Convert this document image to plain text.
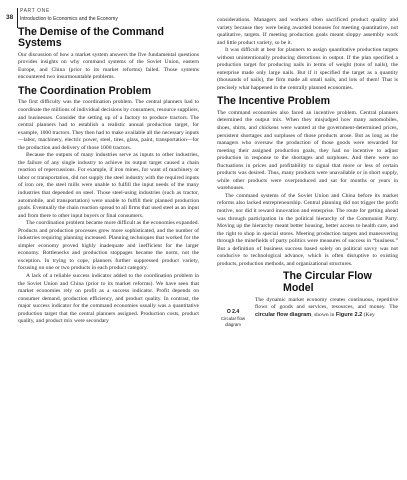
38
PART ONE
Introduction to Economics and the Economy
The Demise of the Command Systems

Our discussion of how a market system answers the five fundamental questions provides insights on why command systems of the Soviet Union, eastern Europe, and China (prior to its market reforms) failed. Those systems encountered two insurmountable problems.

The Coordination Problem

The first difficulty was the coordination problem. The central planners had to coordinate the millions of individual decisions by consumers, resource suppliers, and businesses. Consider the setting up of a factory to produce tractors. The central planners had to establish a realistic annual production target, for example, 1000 tractors. They then had to make available all the necessary inputs—labor, machinery, electric power, steel, tires, glass, paint, transportation—for the production and delivery of those 1000 tractors.

Because the outputs of many industries serve as inputs to other industries, the failure of any single industry to achieve its output target caused a chain reaction of repercussions. For example, if iron mines, for want of machinery or labor or transportation, did not supply the steel industry with the required inputs of iron ore, the steel mills were unable to fulfill the input needs of the many industries that depended on steel. Those steel-using industries (such as tractor, automobile, and transportation) were unable to fulfill their planned production goals. Eventually the chain reaction spread to all firms that used steel as an input and from there to other input buyers or final consumers.

The coordination problem became more difficult as the economies expanded. Products and production processes grew more sophisticated, and the number of industries requiring planning increased. Planning techniques that worked for the simpler economy proved highly inadequate and inefficient for the larger economy. Bottlenecks and production stoppages became the norm, not the exception. In trying to cope, planners further suppressed product variety, focusing on one or two products in each product category.

A lack of a reliable success indicator added to the coordination problem in the Soviet Union and China (prior to its market reforms). We have seen that market economies rely on profit as a success indicator. Profit depends on consumer demand, production efficiency, and product quality. In contrast, the major success indicator for the command economies usually was a quantitative production target that the central planners assigned. Production costs, product quality, and product mix were secondary

considerations. Managers and workers often sacrificed product quality and variety because they were being awarded bonuses for meeting quantitative, not qualitative, targets. If meeting production goals meant sloppy assembly work and little product variety, so be it.

It was difficult at best for planners to assign quantitative production targets without unintentionally producing distortions in output. If the plan specified a production target for producing nails in terms of weight (tons of nails), the enterprise made only large nails. But if it specified the target as a quantity (thousands of nails), the firm made all small nails, and lots of them! That is precisely what happened in the centrally planned economies.

The Incentive Problem

The command economies also faced an incentive problem. Central planners determined the output mix. When they misjudged how many automobiles, shoes, shirts, and chickens were wanted at the government-determined prices, persistent shortages and surpluses of those products arose. But as long as the managers who oversaw the production of those goods were rewarded for meeting their assigned production goals, they had no incentive to adjust production in response to the shortages and surpluses. And there were no fluctuations in prices and profitability to signal that more or less of certain products was desired. Thus, many products were unavailable or in short supply, while other products were overproduced and sat for months or years in warehouses.

The command systems of the Soviet Union and China before its market reforms also lacked entrepreneurship. Central planning did not trigger the profit motive, nor did it reward innovation and enterprise. The route for getting ahead was through participation in the political hierarchy of the Communist Party. Moving up the hierarchy meant better housing, better access to health care, and the right to shop in special stores. Meeting production targets and maneuvering through the minefields of party politics were measures of success in “business.” But a definition of business success based solely on political savvy was not conducive to technological advance, which is often disruptive to existing products, production methods, and organizational structures.

The Circular Flow Model
O 2.4
Circular flow diagram

The dynamic market economy creates continuous, repetitive flows of goods and services, resources, and money. The circular flow diagram, shown in Figure 2.2 (Key
